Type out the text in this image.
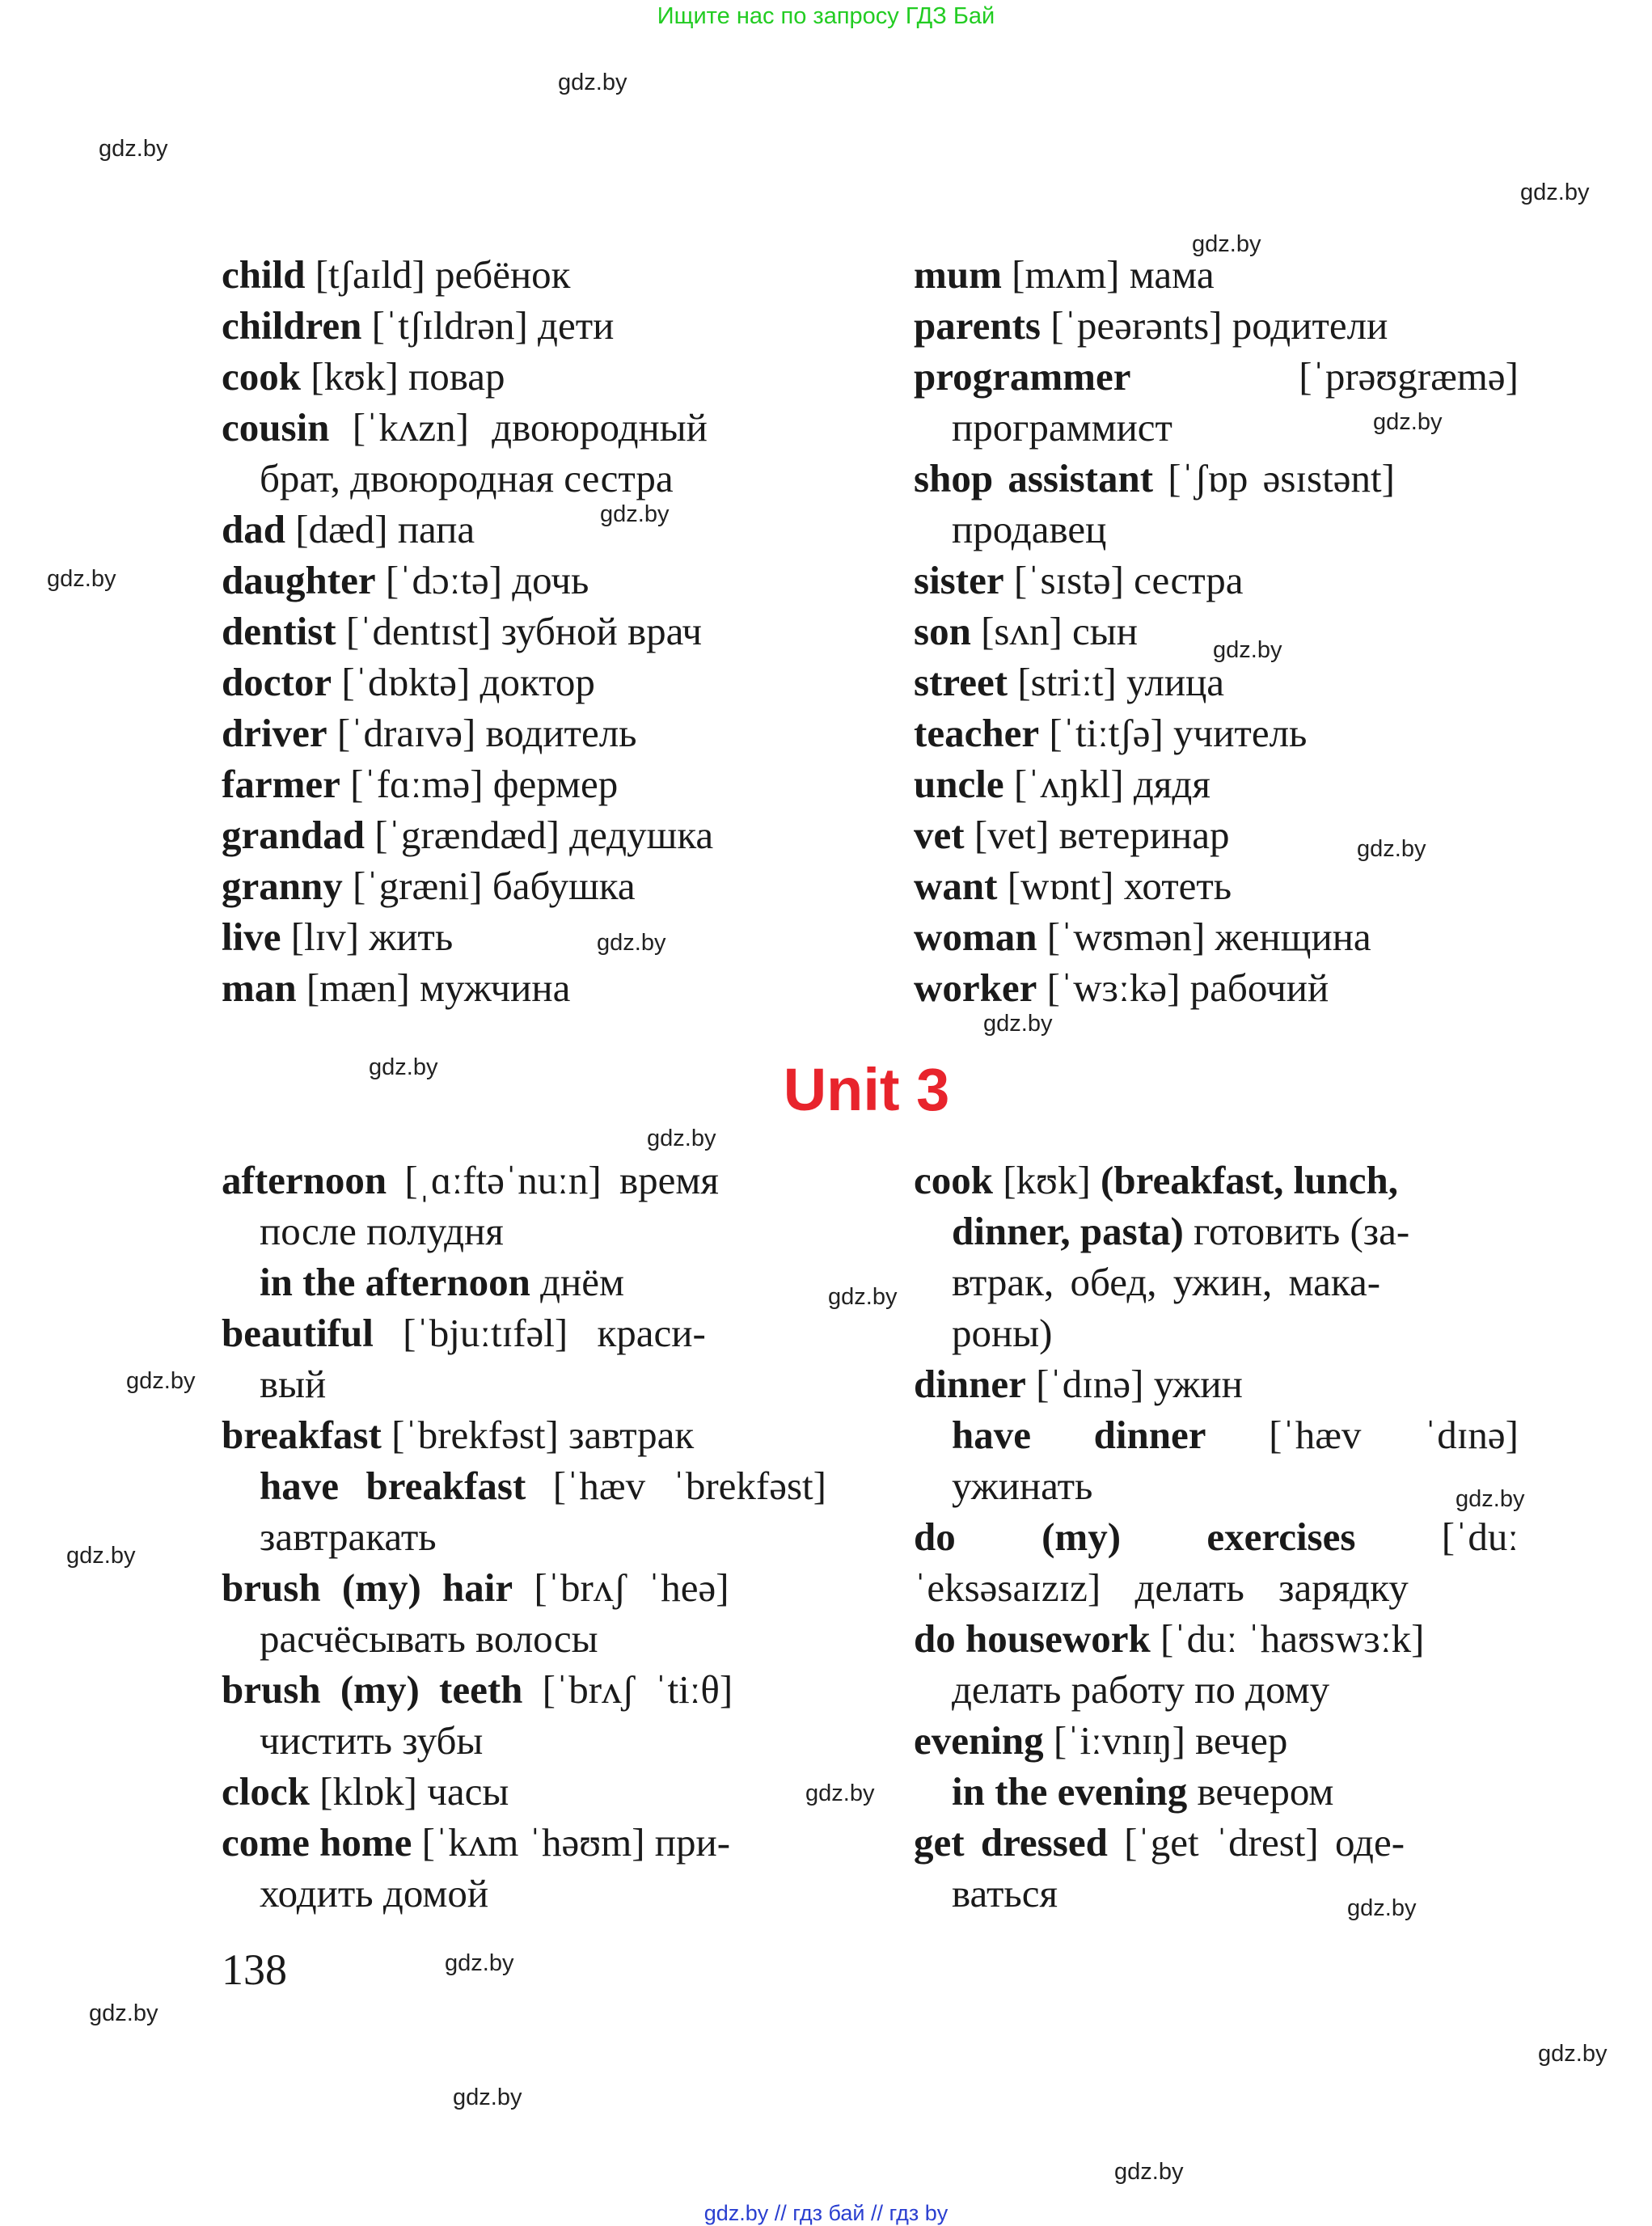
Ищите нас по запросу ГДЗ Бай
gdz.by
gdz.by
gdz.by
gdz.by
gdz.by
gdz.by
gdz.by
gdz.by
gdz.by
gdz.by
gdz.by
gdz.by
gdz.by
gdz.by
gdz.by
gdz.by
gdz.by
gdz.by
gdz.by
gdz.by
gdz.by
gdz.by
gdz.by
gdz.by

child [tʃaɪld] ребёнок

children [ˈtʃɪldrən] дети

cook [kʊk] повар

cousin [ˈkʌzn] двоюродный
брат, двоюродная сестра

dad [dæd] папа

daughter [ˈdɔːtə] дочь

dentist [ˈdentɪst] зубной врач

doctor [ˈdɒktə] доктор

driver [ˈdraɪvə] водитель

farmer [ˈfɑːmə] фермер

grandad [ˈgrændæd] дедушка

granny [ˈgræni] бабушка

live [lɪv] жить

man [mæn] мужчина

mum [mʌm] мама

parents [ˈpeərənts] родители

programmer	[ˈprəʊgræmə]
программист
shop assistant [ˈʃɒp əsɪstənt]
продавец

sister [ˈsɪstə] сестра

son [sʌn] сын

street [striːt] улица

teacher [ˈtiːtʃə] учитель

uncle [ˈʌŋkl] дядя

vet [vet] ветеринар

want [wɒnt] хотеть

woman [ˈwʊmən] женщина

worker [ˈwɜːkə] рабочий

Unit 3
afternoon [ˌɑːftəˈnuːn] время
после полудня
in the afternoon днём
beautiful [ˈbjuːtɪfəl] краси-
вый

breakfast [ˈbrekfəst] завтрак

have breakfast [ˈhæv ˈbrekfəst] завтракать

brush (my) hair [ˈbrʌʃ ˈheə]
расчёсывать волосы
brush (my) teeth [ˈbrʌʃ ˈtiːθ]
чистить зубы

clock [klɒk] часы

come home [ˈkʌm ˈhəʊm] при-
ходить домой
cook [kʊk] (breakfast, lunch,
dinner, pasta) готовить (за-
втрак, обед, ужин, мака-
роны)

dinner [ˈdɪnə] ужин

have dinner [ˈhæv ˈdɪnə] ужинать

do (my) exercises [ˈduː ˈeksəsaɪzɪz] делать зарядку

do housework [ˈduː ˈhaʊswɜːk]
делать работу по дому

evening [ˈiːvnɪŋ] вечер

in the evening вечером
get dressed [ˈget ˈdrest] оде-
ваться
138
gdz.by // гдз бай // гдз by
